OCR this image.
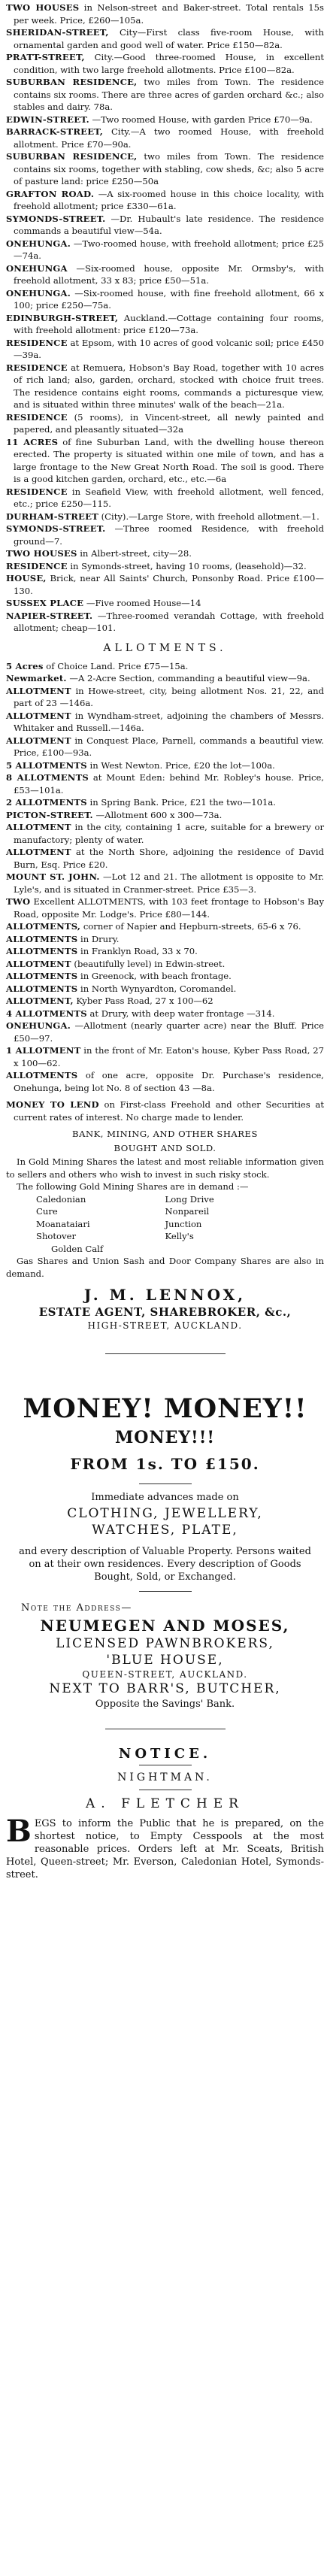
TWO HOUSES in Nelson-street and Baker-street. Total rentals 15s per week. Price, £260—105a.

SHERIDAN-STREET, City—First class five-room House, with ornamental garden and good well of water. Price £150—82a.

PRATT-STREET, City.—Good three-roomed House, in excellent condition, with two large freehold allotments. Price £100—82a.

SUBURBAN RESIDENCE, two miles from Town. The residence contains six rooms. There are three acres of garden orchard &c.; also stables and dairy. 78a.

EDWIN-STREET. —Two roomed House, with garden Price £70—9a.

BARRACK-STREET, City.—A two roomed House, with freehold allotment. Price £70—90a.

SUBURBAN RESIDENCE, two miles from Town. The residence contains six rooms, together with stabling, cow sheds, &c; also 5 acre of pasture land: price £250—50a

GRAFTON ROAD. —A six-roomed house in this choice locality, with freehold allotment; price £330—61a.

SYMONDS-STREET. —Dr. Hubault's late residence. The residence commands a beautiful view—54a.

ONEHUNGA. —Two-roomed house, with freehold allotment; price £25—74a.

ONEHUNGA —Six-roomed house, opposite Mr. Ormsby's, with freehold allotment, 33 x 83; price £50—51a.

ONEHUNGA. —Six-roomed house, with fine freehold allotment, 66 x 100; price £250—75a.

EDINBURGH-STREET, Auckland.—Cottage containing four rooms, with freehold allotment: price £120—73a.

RESIDENCE at Epsom, with 10 acres of good volcanic soil; price £450—39a.

RESIDENCE at Remuera, Hobson's Bay Road, together with 10 acres of rich land; also, garden, orchard, stocked with choice fruit trees. The residence contains eight rooms, commands a picturesque view, and is situated within three minutes' walk of the beach—21a.

RESIDENCE (5 rooms), in Vincent-street, all newly painted and papered, and pleasantly situated—32a

11 ACRES of fine Suburban Land, with the dwelling house thereon erected. The property is situated within one mile of town, and has a large frontage to the New Great North Road. The soil is good. There is a good kitchen garden, orchard, etc., etc.—6a

RESIDENCE in Seafield View, with freehold allotment, well fenced, etc.; price £250—115.

DURHAM-STREET (City).—Large Store, with freehold allotment.—1.

SYMONDS-STREET. —Three roomed Residence, with freehold ground—7.

TWO HOUSES in Albert-street, city—28.

RESIDENCE in Symonds-street, having 10 rooms, (leasehold)—32.

HOUSE, Brick, near All Saints' Church, Ponsonby Road. Price £100—130.

SUSSEX PLACE —Five roomed House—14

NAPIER-STREET. —Three-roomed verandah Cottage, with freehold allotment; cheap—101.

ALLOTMENTS.

5 Acres of Choice Land. Price £75—15a.

Newmarket. —A 2-Acre Section, commanding a beautiful view—9a.

ALLOTMENT in Howe-street, city, being allotment Nos. 21, 22, and part of 23 —146a.

ALLOTMENT in Wyndham-street, adjoining the chambers of Messrs. Whitaker and Russell.—146a.

ALLOTMENT in Conquest Place, Parnell, commands a beautiful view. Price, £100—93a.

5 ALLOTMENTS in West Newton. Price, £20 the lot—100a.

8 ALLOTMENTS at Mount Eden: behind Mr. Robley's house. Price, £53—101a.

2 ALLOTMENTS in Spring Bank. Price, £21 the two—101a.

PICTON-STREET. —Allotment 600 x 300—73a.

ALLOTMENT in the city, containing 1 acre, suitable for a brewery or manufactory; plenty of water.

ALLOTMENT at the North Shore, adjoining the residence of David Burn, Esq. Price £20.

MOUNT ST. JOHN. —Lot 12 and 21. The allotment is opposite to Mr. Lyle's, and is situated in Cranmer-street. Price £35—3.

TWO Excellent ALLOTMENTS, with 103 feet frontage to Hobson's Bay Road, opposite Mr. Lodge's. Price £80—144.

ALLOTMENTS, corner of Napier and Hepburn-streets, 65-6 x 76.

ALLOTMENTS in Drury.

ALLOTMENTS in Franklyn Road, 33 x 70.

ALLOTMENT (beautifully level) in Edwin-street.

ALLOTMENTS in Greenock, with beach frontage.

ALLOTMENTS in North Wynyardton, Coromandel.

ALLOTMENT, Kyber Pass Road, 27 x 100—62

4 ALLOTMENTS at Drury, with deep water frontage —314.

ONEHUNGA. —Allotment (nearly quarter acre) near the Bluff. Price £50—97.

1 ALLOTMENT in the front of Mr. Eaton's house, Kyber Pass Road, 27 x 100—62.

ALLOTMENTS of one acre, opposite Dr. Purchase's residence, Onehunga, being lot No. 8 of section 43 —8a.

MONEY TO LEND on First-class Freehold and other Securities at current rates of interest. No charge made to lender.

BANK, MINING, AND OTHER SHARES
BOUGHT AND SOLD.

In Gold Mining Shares the latest and most reliable information given to sellers and others who wish to invest in such risky stock.

The following Gold Mining Shares are in demand :—

Caledonian	Long Drive
Cure	Nonpareil
Moanataiari	Junction
Shotover	Kelly's
Golden Calf

Gas Shares and Union Sash and Door Company Shares are also in demand.

J. M. LENNOX,
ESTATE AGENT, SHAREBROKER, &c.,
HIGH-STREET, AUCKLAND.
MONEY! MONEY!!
MONEY!!!
FROM 1s. TO £150.
Immediate advances made on
CLOTHING, JEWELLERY,
WATCHES, PLATE,

and every description of Valuable Property. Persons waited on at their own residences. Every description of Goods Bought, Sold, or Exchanged.

Note the Address—
NEUMEGEN AND MOSES,
LICENSED PAWNBROKERS,
'BLUE HOUSE,
QUEEN-STREET, AUCKLAND.
NEXT TO BARR'S, BUTCHER,
Opposite the Savings' Bank.
NOTICE.
NIGHTMAN.
A. FLETCHER

BEGS to inform the Public that he is prepared, on the shortest notice, to Empty Cesspools at the most reasonable prices. Orders left at Mr. Sceats, British Hotel, Queen-street; Mr. Everson, Caledonian Hotel, Symonds-street.
